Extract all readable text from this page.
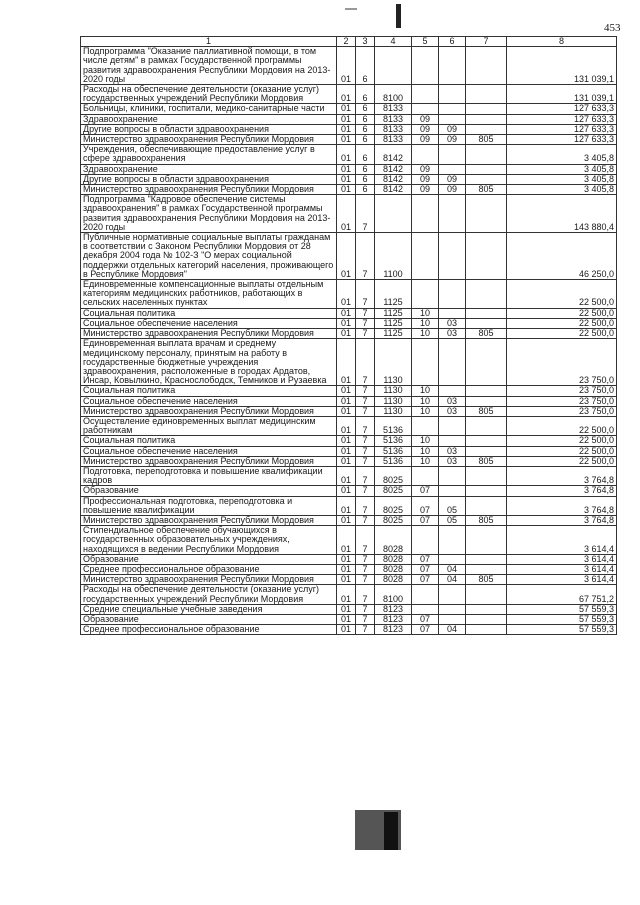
453
1	2	3	4	5	6	7	8
Подпрограмма "Оказание паллиативной помощи, в том числе детям" в рамках Государственной программы развития здравоохранения Республики Мордовия на 2013-2020 годы	01	6					131 039,1
Расходы на обеспечение деятельности (оказание услуг) государственных учреждений Республики Мордовия	01	6	8100				131 039,1
Больницы, клиники, госпитали, медико-санитарные части	01	6	8133				127 633,3
Здравоохранение	01	6	8133	09			127 633,3
Другие вопросы в области здравоохранения	01	6	8133	09	09		127 633,3
Министерство здравоохранения Республики Мордовия	01	6	8133	09	09	805	127 633,3
Учреждения, обеспечивающие предоставление услуг в сфере здравоохранения	01	6	8142				3 405,8
Здравоохранение	01	6	8142	09			3 405,8
Другие вопросы в области здравоохранения	01	6	8142	09	09		3 405,8
Министерство здравоохранения Республики Мордовия	01	6	8142	09	09	805	3 405,8
Подпрограмма "Кадровое обеспечение системы здравоохранения" в рамках Государственной программы развития здравоохранения Республики Мордовия на 2013-2020 годы	01	7					143 880,4
Публичные нормативные социальные выплаты гражданам в соответствии с Законом Республики Мордовия от 28 декабря 2004 года № 102-З "О мерах социальной поддержки отдельных категорий населения, проживающего в Республике Мордовия"	01	7	1100				46 250,0
Единовременные компенсационные выплаты отдельным категориям медицинских работников, работающих в сельских населенных пунктах	01	7	1125				22 500,0
Социальная политика	01	7	1125	10			22 500,0
Социальное обеспечение населения	01	7	1125	10	03		22 500,0
Министерство здравоохранения Республики Мордовия	01	7	1125	10	03	805	22 500,0
Единовременная выплата врачам и среднему медицинскому персоналу, принятым на работу в государственные бюджетные учреждения здравоохранения, расположенные в городах Ардатов, Инсар, Ковылкино, Краснослободск, Темников и Рузаевка	01	7	1130				23 750,0
Социальная политика	01	7	1130	10			23 750,0
Социальное обеспечение населения	01	7	1130	10	03		23 750,0
Министерство здравоохранения Республики Мордовия	01	7	1130	10	03	805	23 750,0
Осуществление единовременных выплат медицинским работникам	01	7	5136				22 500,0
Социальная политика	01	7	5136	10			22 500,0
Социальное обеспечение населения	01	7	5136	10	03		22 500,0
Министерство здравоохранения Республики Мордовия	01	7	5136	10	03	805	22 500,0
Подготовка, переподготовка и повышение квалификации кадров	01	7	8025				3 764,8
Образование	01	7	8025	07			3 764,8
Профессиональная подготовка, переподготовка и повышение квалификации	01	7	8025	07	05		3 764,8
Министерство здравоохранения Республики Мордовия	01	7	8025	07	05	805	3 764,8
Стипендиальное обеспечение обучающихся в государственных образовательных учреждениях, находящихся в ведении Республики Мордовия	01	7	8028				3 614,4
Образование	01	7	8028	07			3 614,4
Среднее профессиональное образование	01	7	8028	07	04		3 614,4
Министерство здравоохранения Республики Мордовия	01	7	8028	07	04	805	3 614,4
Расходы на обеспечение деятельности (оказание услуг) государственных учреждений Республики Мордовия	01	7	8100				67 751,2
Средние специальные учебные заведения	01	7	8123				57 559,3
Образование	01	7	8123	07			57 559,3
Среднее профессиональное образование	01	7	8123	07	04		57 559,3
